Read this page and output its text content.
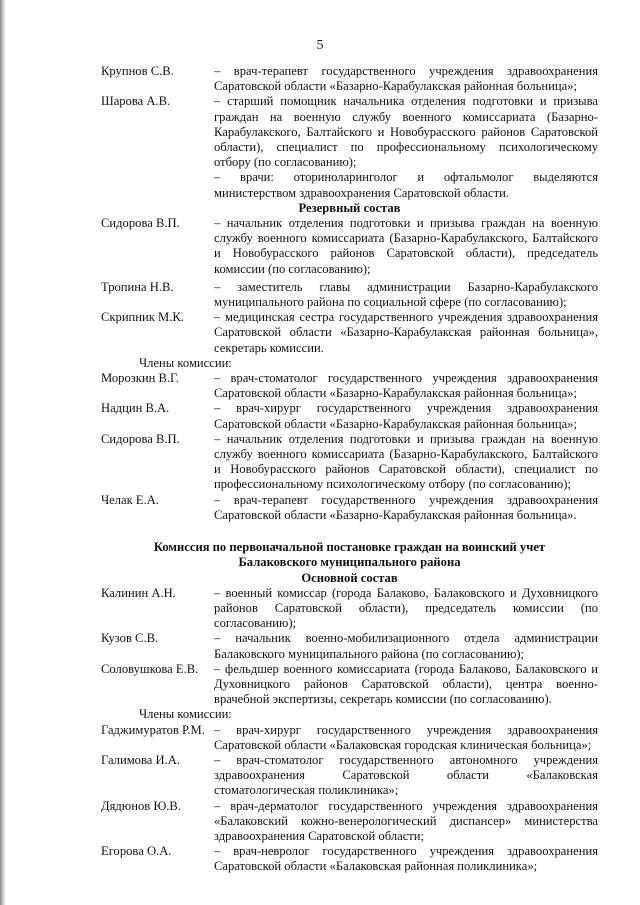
5
Крупнов С.В.	– врач-терапевт государственного учреждения здравоохранения Саратовской области «Базарно-Карабулакская районная больница»;
Шарова А.В.	– старший помощник начальника отделения подготовки и призыва граждан на военную службу военного комиссариата (Базарно-Карабулакского, Балтайского и Новобурасского районов Саратовской области), специалист по профессиональному психологическому отбору (по согласованию);
– врачи: оториноларинголог и офтальмолог выделяются министерством здравоохранения Саратовской области.
Резервный состав
Сидорова В.П.	– начальник отделения подготовки и призыва граждан на военную службу военного комиссариата (Базарно-Карабулакского, Балтайского и Новобурасского районов Саратовской области), председатель комиссии (по согласованию);
Тропина Н.В.	– заместитель главы администрации Базарно-Карабулакского муниципального района по социальной сфере (по согласованию);
Скрипник М.К.	– медицинская сестра государственного учреждения здравоохранения Саратовской области «Базарно-Карабулакская районная больница», секретарь комиссии.
Члены комиссии:
Морозкин В.Г.	– врач-стоматолог государственного учреждения здравоохранения Саратовской области «Базарно-Карабулакская районная больница»;
Надцин В.А.	– врач-хирург государственного учреждения здравоохранения Саратовской области «Базарно-Карабулакская районная больница»;
Сидорова В.П.	– начальник отделения подготовки и призыва граждан на военную службу военного комиссариата (Базарно-Карабулакского, Балтайского и Новобурасского районов Саратовской области), специалист по профессиональному психологическому отбору (по согласованию);
Челак Е.А.	– врач-терапевт государственного учреждения здравоохранения Саратовской области «Базарно-Карабулакская районная больница».
Комиссия по первоначальной постановке граждан на воинский учет
Балаковского муниципального района
Основной состав
Калинин А.Н.	– военный комиссар (города Балаково, Балаковского и Духовницкого районов Саратовской области), председатель комиссии (по согласованию);
Кузов С.В.	– начальник военно-мобилизационного отдела администрации Балаковского муниципального района (по согласованию);
Соловушкова Е.В.	– фельдшер военного комиссариата (города Балаково, Балаковского и Духовницкого районов Саратовской области), центра военно-врачебной экспертизы, секретарь комиссии (по согласованию).
Члены комиссии:
Гаджимуратов Р.М. – врач-хирург государственного учреждения здравоохранения Саратовской области «Балаковская городская клиническая больница»;
Галимова И.А.	– врач-стоматолог государственного автономного учреждения здравоохранения Саратовской области «Балаковская стоматологическая поликлиника»;
Дядюнов Ю.В.	– врач-дерматолог государственного учреждения здравоохранения «Балаковский кожно-венерологический диспансер» министерства здравоохранения Саратовской области;
Егорова О.А.	– врач-невролог государственного учреждения здравоохранения Саратовской области «Балаковская районная поликлиника»;
